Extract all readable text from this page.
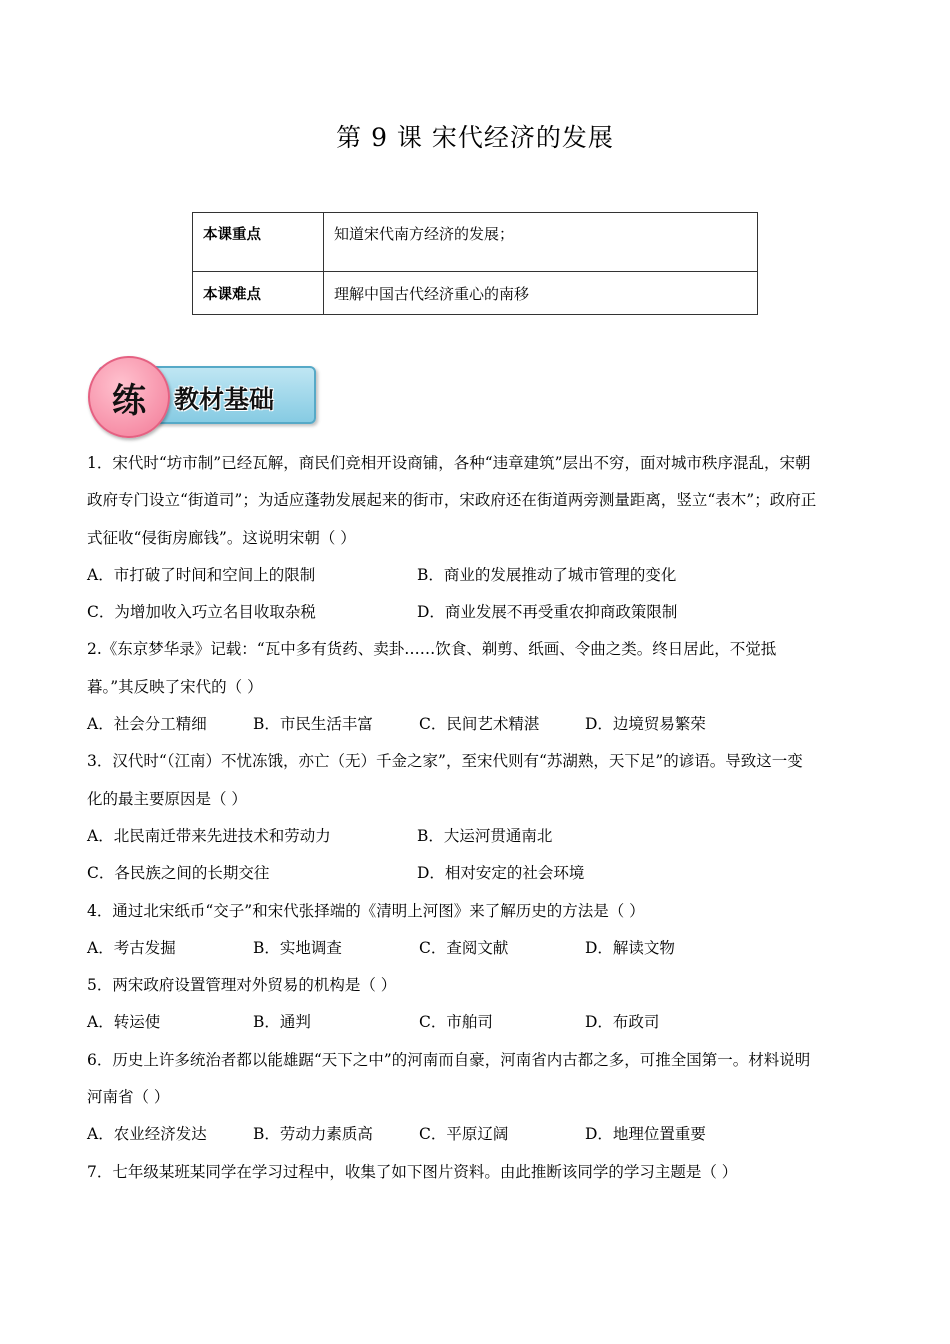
第 9 课 宋代经济的发展
本课重点	知道宋代南方经济的发展；
本课难点	理解中国古代经济重心的南移
练	教材基础

1．宋代时“坊市制”已经瓦解，商民们竞相开设商铺，各种“违章建筑”层出不穷，面对城市秩序混乱，宋朝

政府专门设立“街道司”；为适应蓬勃发展起来的街市，宋政府还在街道两旁测量距离，竖立“表木”；政府正

式征收“侵街房廊钱”。这说明宋朝（ ）

A．市打破了时间和空间上的限制	B．商业的发展推动了城市管理的变化
C．为增加收入巧立名目收取杂税	D．商业发展不再受重农抑商政策限制

2.《东京梦华录》记载：“瓦中多有货药、卖卦……饮食、剃剪、纸画、令曲之类。终日居此，不觉抵

暮。”其反映了宋代的（ ）

A．社会分工精细	B．市民生活丰富	C．民间艺术精湛	D．边境贸易繁荣

3．汉代时“（江南）不忧冻饿，亦亡（无）千金之家”，至宋代则有“苏湖熟，天下足”的谚语。导致这一变

化的最主要原因是（ ）

A．北民南迁带来先进技术和劳动力	B．大运河贯通南北
C．各民族之间的长期交往	D．相对安定的社会环境

4．通过北宋纸币“交子”和宋代张择端的《清明上河图》来了解历史的方法是（ ）

A．考古发掘	B．实地调查	C．查阅文献	D．解读文物

5．两宋政府设置管理对外贸易的机构是（ ）

A．转运使	B．通判	C．市舶司	D．布政司

6．历史上许多统治者都以能雄踞“天下之中”的河南而自豪，河南省内古都之多，可推全国第一。材料说明

河南省（ ）

A．农业经济发达	B．劳动力素质高	C．平原辽阔	D．地理位置重要

7．七年级某班某同学在学习过程中，收集了如下图片资料。由此推断该同学的学习主题是（ ）
